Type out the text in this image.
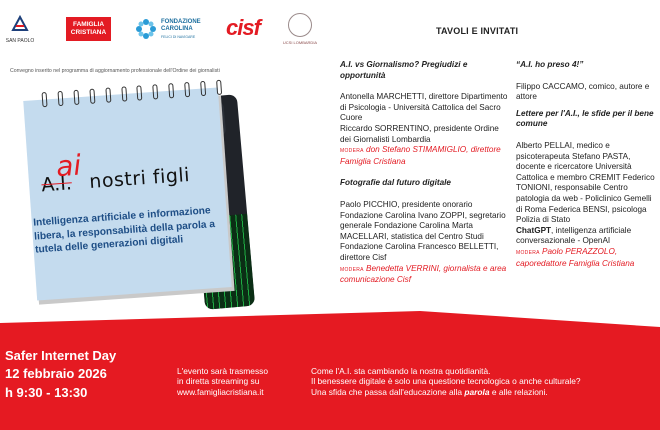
SAN PAOLO
FAMIGLIA CRISTIANA
FONDAZIONE
CAROLINA
FELICI DI NAVIGARE cisf
UCSI LOMBARDIA
Convegno inserito nel programma di aggiornamento professionale dell'Ordine dei giornalisti
ai
A.I. nostri figli
Intelligenza artificiale e informazione libera, la responsabilità della parola a tutela delle generazioni digitali
TAVOLI E INVITATI

A.I. vs Giornalismo? Pregiudizi e opportunità

Antonella MARCHETTI, direttore Dipartimento di Psicologia - Università Cattolica del Sacro Cuore

Riccardo SORRENTINO, presidente Ordine dei Giornalisti Lombardia

MODERA don Stefano STIMAMIGLIO, direttore Famiglia Cristiana

Fotografie dal futuro digitale

Paolo PICCHIO, presidente onorario Fondazione Carolina Ivano ZOPPI, segretario generale Fondazione Carolina Marta MACELLARI, statistica del Centro Studi Fondazione Carolina Francesco BELLETTI, direttore Cisf

MODERA Benedetta VERRINI, giornalista e area comunicazione Cisf

“A.I. ho preso 4!”

Filippo CACCAMO, comico, autore e attore

Lettere per l'A.I., le sfide per il bene comune

Alberto PELLAI, medico e psicoterapeuta Stefano PASTA, docente e ricercatore Università Cattolica e membro CREMIT Federico TONIONI, responsabile Centro patologia da web - Policlinico Gemelli di Roma Federica BENSI, psicologa Polizia di Stato

ChatGPT, intelligenza artificiale conversazionale - OpenAI

MODERA Paolo PERAZZOLO, caporedattore Famiglia Cristiana

Safer Internet Day
12 febbraio 2026
h 9:30 - 13:30
L'evento sarà trasmesso
in diretta streaming su
www.famigliacristiana.it
Come l'A.I. sta cambiando la nostra quotidianità.
Il benessere digitale è solo una questione tecnologica o anche culturale?
Una sfida che passa dall'educazione alla parola e alle relazioni.
